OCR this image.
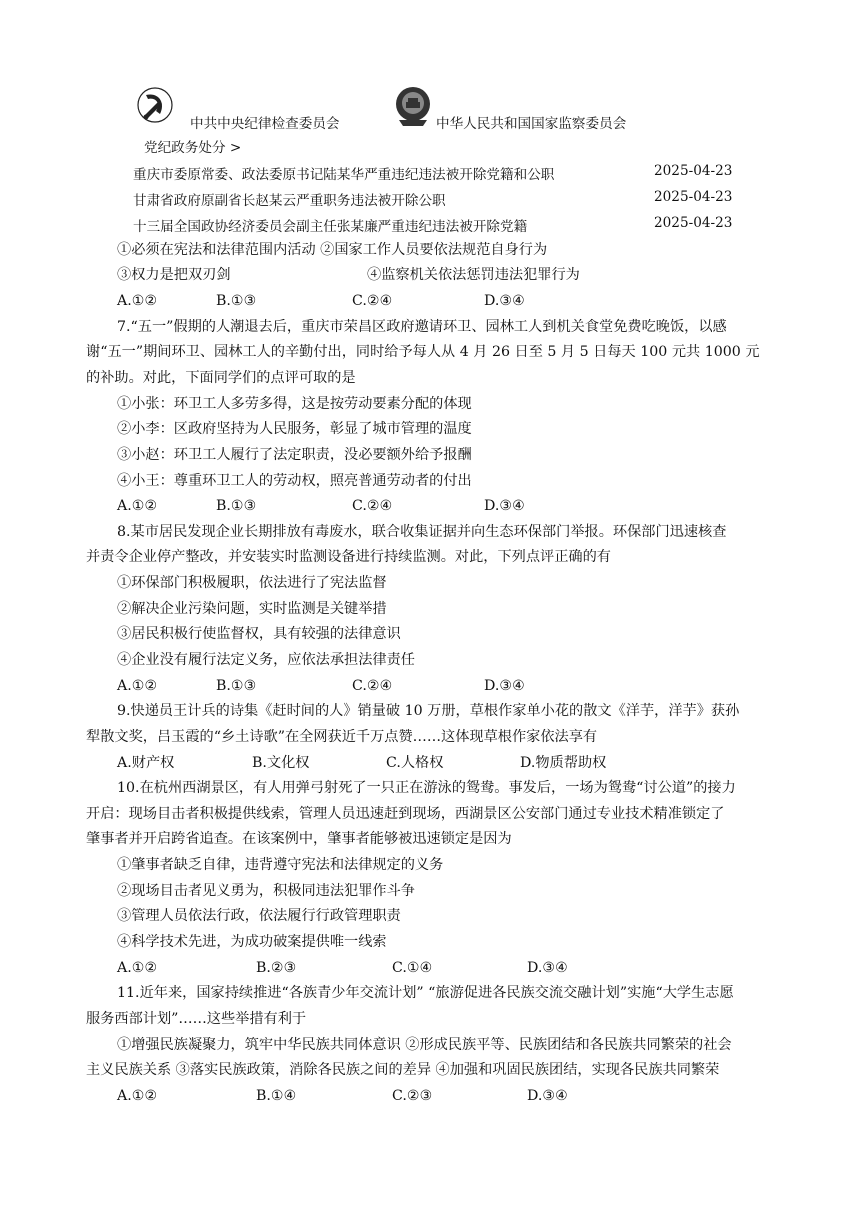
中共中央纪律检查委员会	中华人民共和国国家监察委员会
党纪政务处分 >
重庆市委原常委、政法委原书记陆某华严重违纪违法被开除党籍和公职	2025-04-23
甘肃省政府原副省长赵某云严重职务违法被开除公职	2025-04-23
十三届全国政协经济委员会副主任张某廉严重违纪违法被开除党籍	2025-04-23
①必须在宪法和法律范围内活动 ②国家工作人员要依法规范自身行为
③权力是把双刃剑	④监察机关依法惩罚违法犯罪行为
A.①②	B.①③	C.②④	D.③④
7.“五一”假期的人潮退去后，重庆市荣昌区政府邀请环卫、园林工人到机关食堂免费吃晚饭，以感
谢“五一”期间环卫、园林工人的辛勤付出，同时给予每人从 4 月 26 日至 5 月 5 日每天 100 元共 1000 元
的补助。对此，下面同学们的点评可取的是
①小张：环卫工人多劳多得，这是按劳动要素分配的体现
②小李：区政府坚持为人民服务，彰显了城市管理的温度
③小赵：环卫工人履行了法定职责，没必要额外给予报酬
④小王：尊重环卫工人的劳动权，照亮普通劳动者的付出
A.①②	B.①③	C.②④	D.③④
8.某市居民发现企业长期排放有毒废水，联合收集证据并向生态环保部门举报。环保部门迅速核查
并责令企业停产整改，并安装实时监测设备进行持续监测。对此，下列点评正确的有
①环保部门积极履职，依法进行了宪法监督
②解决企业污染问题，实时监测是关键举措
③居民积极行使监督权，具有较强的法律意识
④企业没有履行法定义务，应依法承担法律责任
A.①②	B.①③	C.②④	D.③④
9.快递员王计兵的诗集《赶时间的人》销量破 10 万册，草根作家单小花的散文《洋芋，洋芋》获孙
犁散文奖，吕玉霞的“乡土诗歌”在全网获近千万点赞……这体现草根作家依法享有
A.财产权	B.文化权	C.人格权	D.物质帮助权
10.在杭州西湖景区，有人用弹弓射死了一只正在游泳的鸳鸯。事发后，一场为鸳鸯“讨公道”的接力
开启：现场目击者积极提供线索，管理人员迅速赶到现场，西湖景区公安部门通过专业技术精准锁定了
肇事者并开启跨省追查。在该案例中，肇事者能够被迅速锁定是因为
①肇事者缺乏自律，违背遵守宪法和法律规定的义务
②现场目击者见义勇为，积极同违法犯罪作斗争
③管理人员依法行政，依法履行行政管理职责
④科学技术先进，为成功破案提供唯一线索
A.①②	B.②③	C.①④	D.③④
11.近年来，国家持续推进“各族青少年交流计划” “旅游促进各民族交流交融计划”实施“大学生志愿
服务西部计划”……这些举措有利于
①增强民族凝聚力，筑牢中华民族共同体意识 ②形成民族平等、民族团结和各民族共同繁荣的社会
主义民族关系 ③落实民族政策，消除各民族之间的差异 ④加强和巩固民族团结，实现各民族共同繁荣
A.①②	B.①④	C.②③	D.③④
